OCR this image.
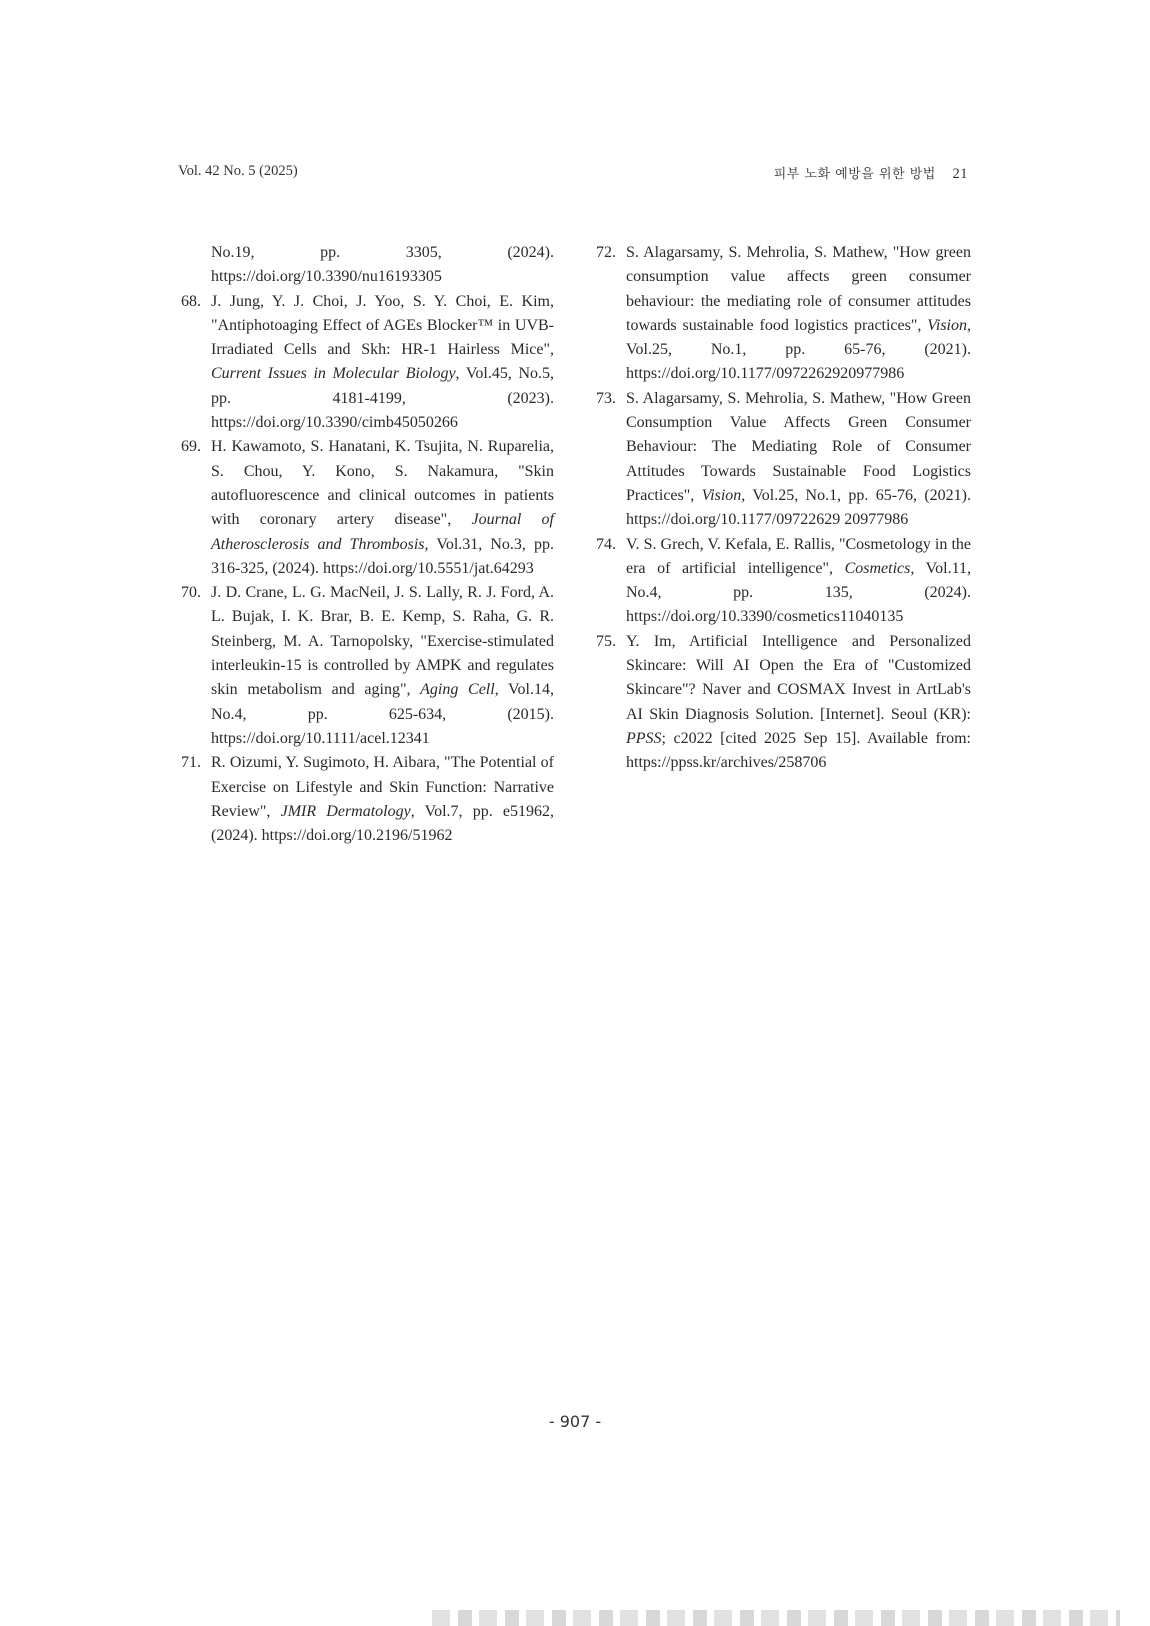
Vol. 42 No. 5 (2025)	피부 노화 예방을 위한 방법 21
No.19, pp. 3305, (2024). https://doi.org/10.3390/nu16193305
68. J. Jung, Y. J. Choi, J. Yoo, S. Y. Choi, E. Kim, "Antiphotoaging Effect of AGEs Blocker™ in UVB-Irradiated Cells and Skh: HR-1 Hairless Mice", Current Issues in Molecular Biology, Vol.45, No.5, pp. 4181-4199, (2023). https://doi.org/10.3390/cimb45050266
69. H. Kawamoto, S. Hanatani, K. Tsujita, N. Ruparelia, S. Chou, Y. Kono, S. Nakamura, "Skin autofluorescence and clinical outcomes in patients with coronary artery disease", Journal of Atherosclerosis and Thrombosis, Vol.31, No.3, pp. 316-325, (2024). https://doi.org/10.5551/jat.64293
70. J. D. Crane, L. G. MacNeil, J. S. Lally, R. J. Ford, A. L. Bujak, I. K. Brar, B. E. Kemp, S. Raha, G. R. Steinberg, M. A. Tarnopolsky, "Exercise-stimulated interleukin-15 is controlled by AMPK and regulates skin metabolism and aging", Aging Cell, Vol.14, No.4, pp. 625-634, (2015). https://doi.org/10.1111/acel.12341
71. R. Oizumi, Y. Sugimoto, H. Aibara, "The Potential of Exercise on Lifestyle and Skin Function: Narrative Review", JMIR Dermatology, Vol.7, pp. e51962, (2024). https://doi.org/10.2196/51962
72. S. Alagarsamy, S. Mehrolia, S. Mathew, "How green consumption value affects green consumer behaviour: the mediating role of consumer attitudes towards sustainable food logistics practices", Vision, Vol.25, No.1, pp. 65-76, (2021). https://doi.org/10.1177/0972262920977986
73. S. Alagarsamy, S. Mehrolia, S. Mathew, "How Green Consumption Value Affects Green Consumer Behaviour: The Mediating Role of Consumer Attitudes Towards Sustainable Food Logistics Practices", Vision, Vol.25, No.1, pp. 65-76, (2021). https://doi.org/10.1177/09722629 20977986
74. V. S. Grech, V. Kefala, E. Rallis, "Cosmetology in the era of artificial intelligence", Cosmetics, Vol.11, No.4, pp. 135, (2024). https://doi.org/10.3390/cosmetics11040135
75. Y. Im, Artificial Intelligence and Personalized Skincare: Will AI Open the Era of "Customized Skincare"? Naver and COSMAX Invest in ArtLab's AI Skin Diagnosis Solution. [Internet]. Seoul (KR): PPSS; c2022 [cited 2025 Sep 15]. Available from: https://ppss.kr/archives/258706
- 907 -
